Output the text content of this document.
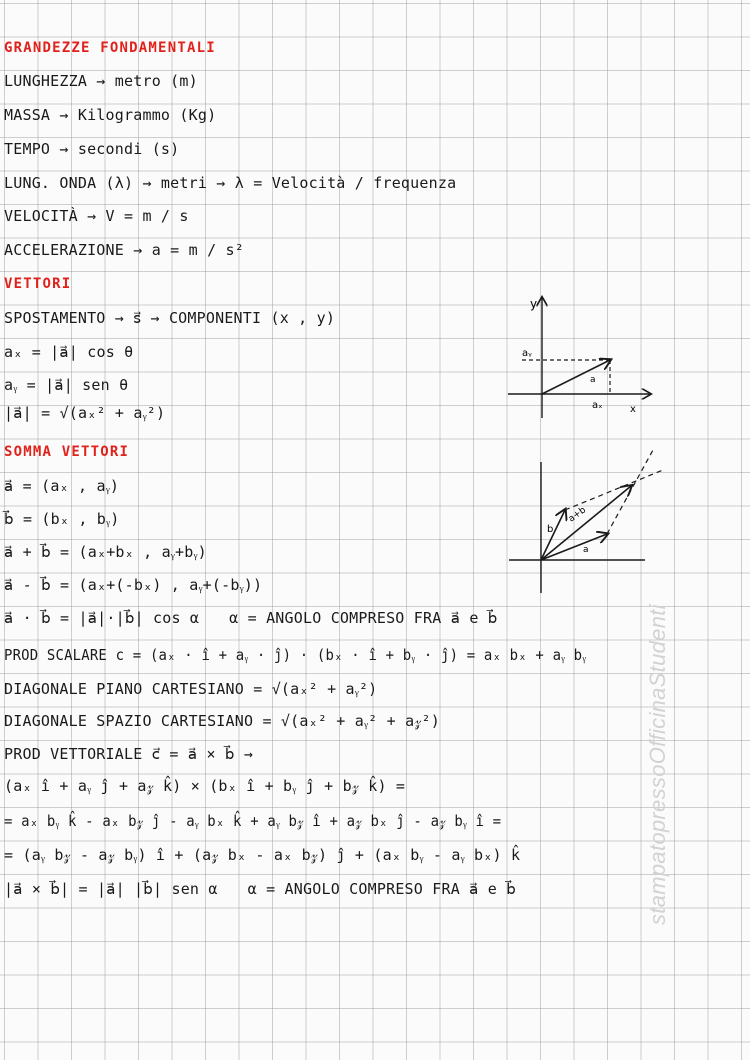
GRANDEZZE FONDAMENTALI
LUNGHEZZA → metro (m)
MASSA → Kilogrammo (Kg)
TEMPO → secondi (s)
LUNG. ONDA (λ) → metri → λ = Velocità / frequenza
VELOCITÀ → V = m / s
ACCELERAZIONE → a = m / s²
VETTORI
SPOSTAMENTO → s⃗ → COMPONENTI (x , y)
aₓ = |a⃗| cos θ
aᵧ = |a⃗| sen θ
|a⃗| = √(aₓ² + aᵧ²)
SOMMA VETTORI
a⃗ = (aₓ , aᵧ)
b⃗ = (bₓ , bᵧ)
a⃗ + b⃗ = (aₓ+bₓ , aᵧ+bᵧ)
a⃗ - b⃗ = (aₓ+(-bₓ) , aᵧ+(-bᵧ))
a⃗ · b⃗ = |a⃗|·|b⃗| cos α α = ANGOLO COMPRESO FRA a⃗ e b⃗
PROD SCALARE c = (aₓ · î + aᵧ · ĵ) · (bₓ · î + bᵧ · ĵ) = aₓ bₓ + aᵧ bᵧ
DIAGONALE PIANO CARTESIANO = √(aₓ² + aᵧ²)
DIAGONALE SPAZIO CARTESIANO = √(aₓ² + aᵧ² + a𝓏²)
PROD VETTORIALE c⃗ = a⃗ × b⃗ →
(aₓ î + aᵧ ĵ + a𝓏 k̂) × (bₓ î + bᵧ ĵ + b𝓏 k̂) =
= aₓ bᵧ k̂ - aₓ b𝓏 ĵ - aᵧ bₓ k̂ + aᵧ b𝓏 î + a𝓏 bₓ ĵ - a𝓏 bᵧ î =
= (aᵧ b𝓏 - a𝓏 bᵧ) î + (a𝓏 bₓ - aₓ b𝓏) ĵ + (aₓ bᵧ - aᵧ bₓ) k̂
|a⃗ × b⃗| = |a⃗| |b⃗| sen α α = ANGOLO COMPRESO FRA a⃗ e b⃗
y
x
aᵧ
aₓ
a
b
a+b
a
stampatopressoOfficinaStudenti
